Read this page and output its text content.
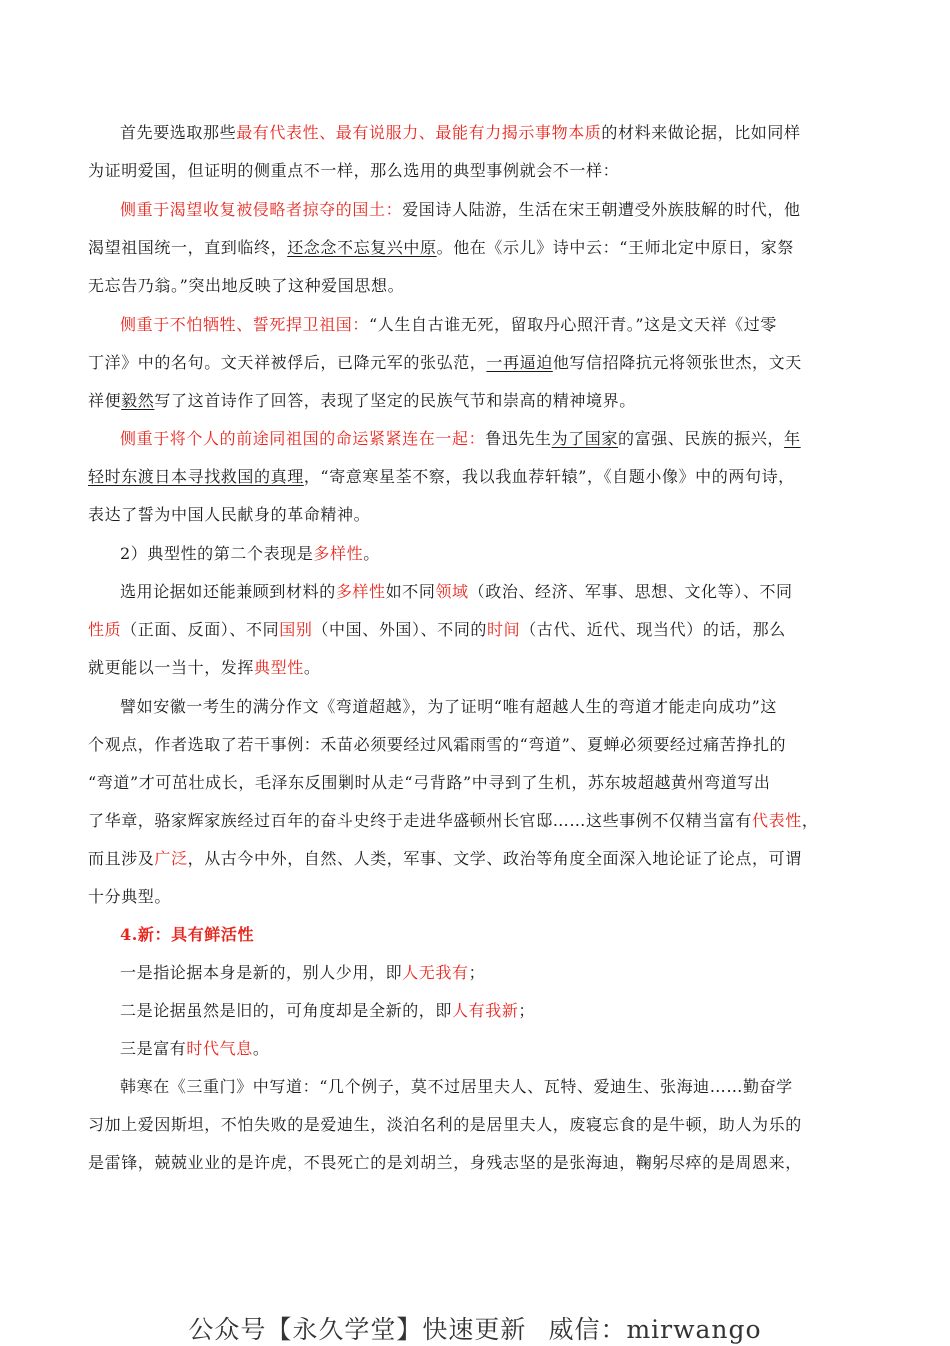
首先要选取那些最有代表性、最有说服力、最能有力揭示事物本质的材料来做论据，比如同样
为证明爱国，但证明的侧重点不一样，那么选用的典型事例就会不一样：
侧重于渴望收复被侵略者掠夺的国土：爱国诗人陆游，生活在宋王朝遭受外族肢解的时代，他
渴望祖国统一，直到临终，还念念不忘复兴中原。他在《示儿》诗中云：“王师北定中原日，家祭
无忘告乃翁。”突出地反映了这种爱国思想。
侧重于不怕牺牲、誓死捍卫祖国：“人生自古谁无死，留取丹心照汗青。”这是文天祥《过零
丁洋》中的名句。文天祥被俘后，已降元军的张弘范，一再逼迫他写信招降抗元将领张世杰，文天
祥便毅然写了这首诗作了回答，表现了坚定的民族气节和崇高的精神境界。
侧重于将个人的前途同祖国的命运紧紧连在一起：鲁迅先生为了国家的富强、民族的振兴，年
轻时东渡日本寻找救国的真理，“寄意寒星荃不察，我以我血荐轩辕”，《自题小像》中的两句诗，
表达了誓为中国人民献身的革命精神。
2）典型性的第二个表现是多样性。
选用论据如还能兼顾到材料的多样性如不同领域（政治、经济、军事、思想、文化等）、不同
性质（正面、反面）、不同国别（中国、外国）、不同的时间（古代、近代、现当代）的话，那么
就更能以一当十，发挥典型性。
譬如安徽一考生的满分作文《弯道超越》，为了证明“唯有超越人生的弯道才能走向成功”这
个观点，作者选取了若干事例：禾苗必须要经过风霜雨雪的“弯道”、夏蝉必须要经过痛苦挣扎的
“弯道”才可茁壮成长，毛泽东反围剿时从走“弓背路”中寻到了生机，苏东坡超越黄州弯道写出
了华章，骆家辉家族经过百年的奋斗史终于走进华盛顿州长官邸……这些事例不仅精当富有代表性，
而且涉及广泛，从古今中外，自然、人类，军事、文学、政治等角度全面深入地论证了论点，可谓
十分典型。
4.新：具有鲜活性
一是指论据本身是新的，别人少用，即人无我有；
二是论据虽然是旧的，可角度却是全新的，即人有我新；
三是富有时代气息。
韩寒在《三重门》中写道：“几个例子，莫不过居里夫人、瓦特、爱迪生、张海迪……勤奋学
习加上爱因斯坦，不怕失败的是爱迪生，淡泊名利的是居里夫人，废寝忘食的是牛顿，助人为乐的
是雷锋，兢兢业业的是许虎，不畏死亡的是刘胡兰，身残志坚的是张海迪，鞠躬尽瘁的是周恩来，
公众号【永久学堂】快速更新 威信：mirwango
